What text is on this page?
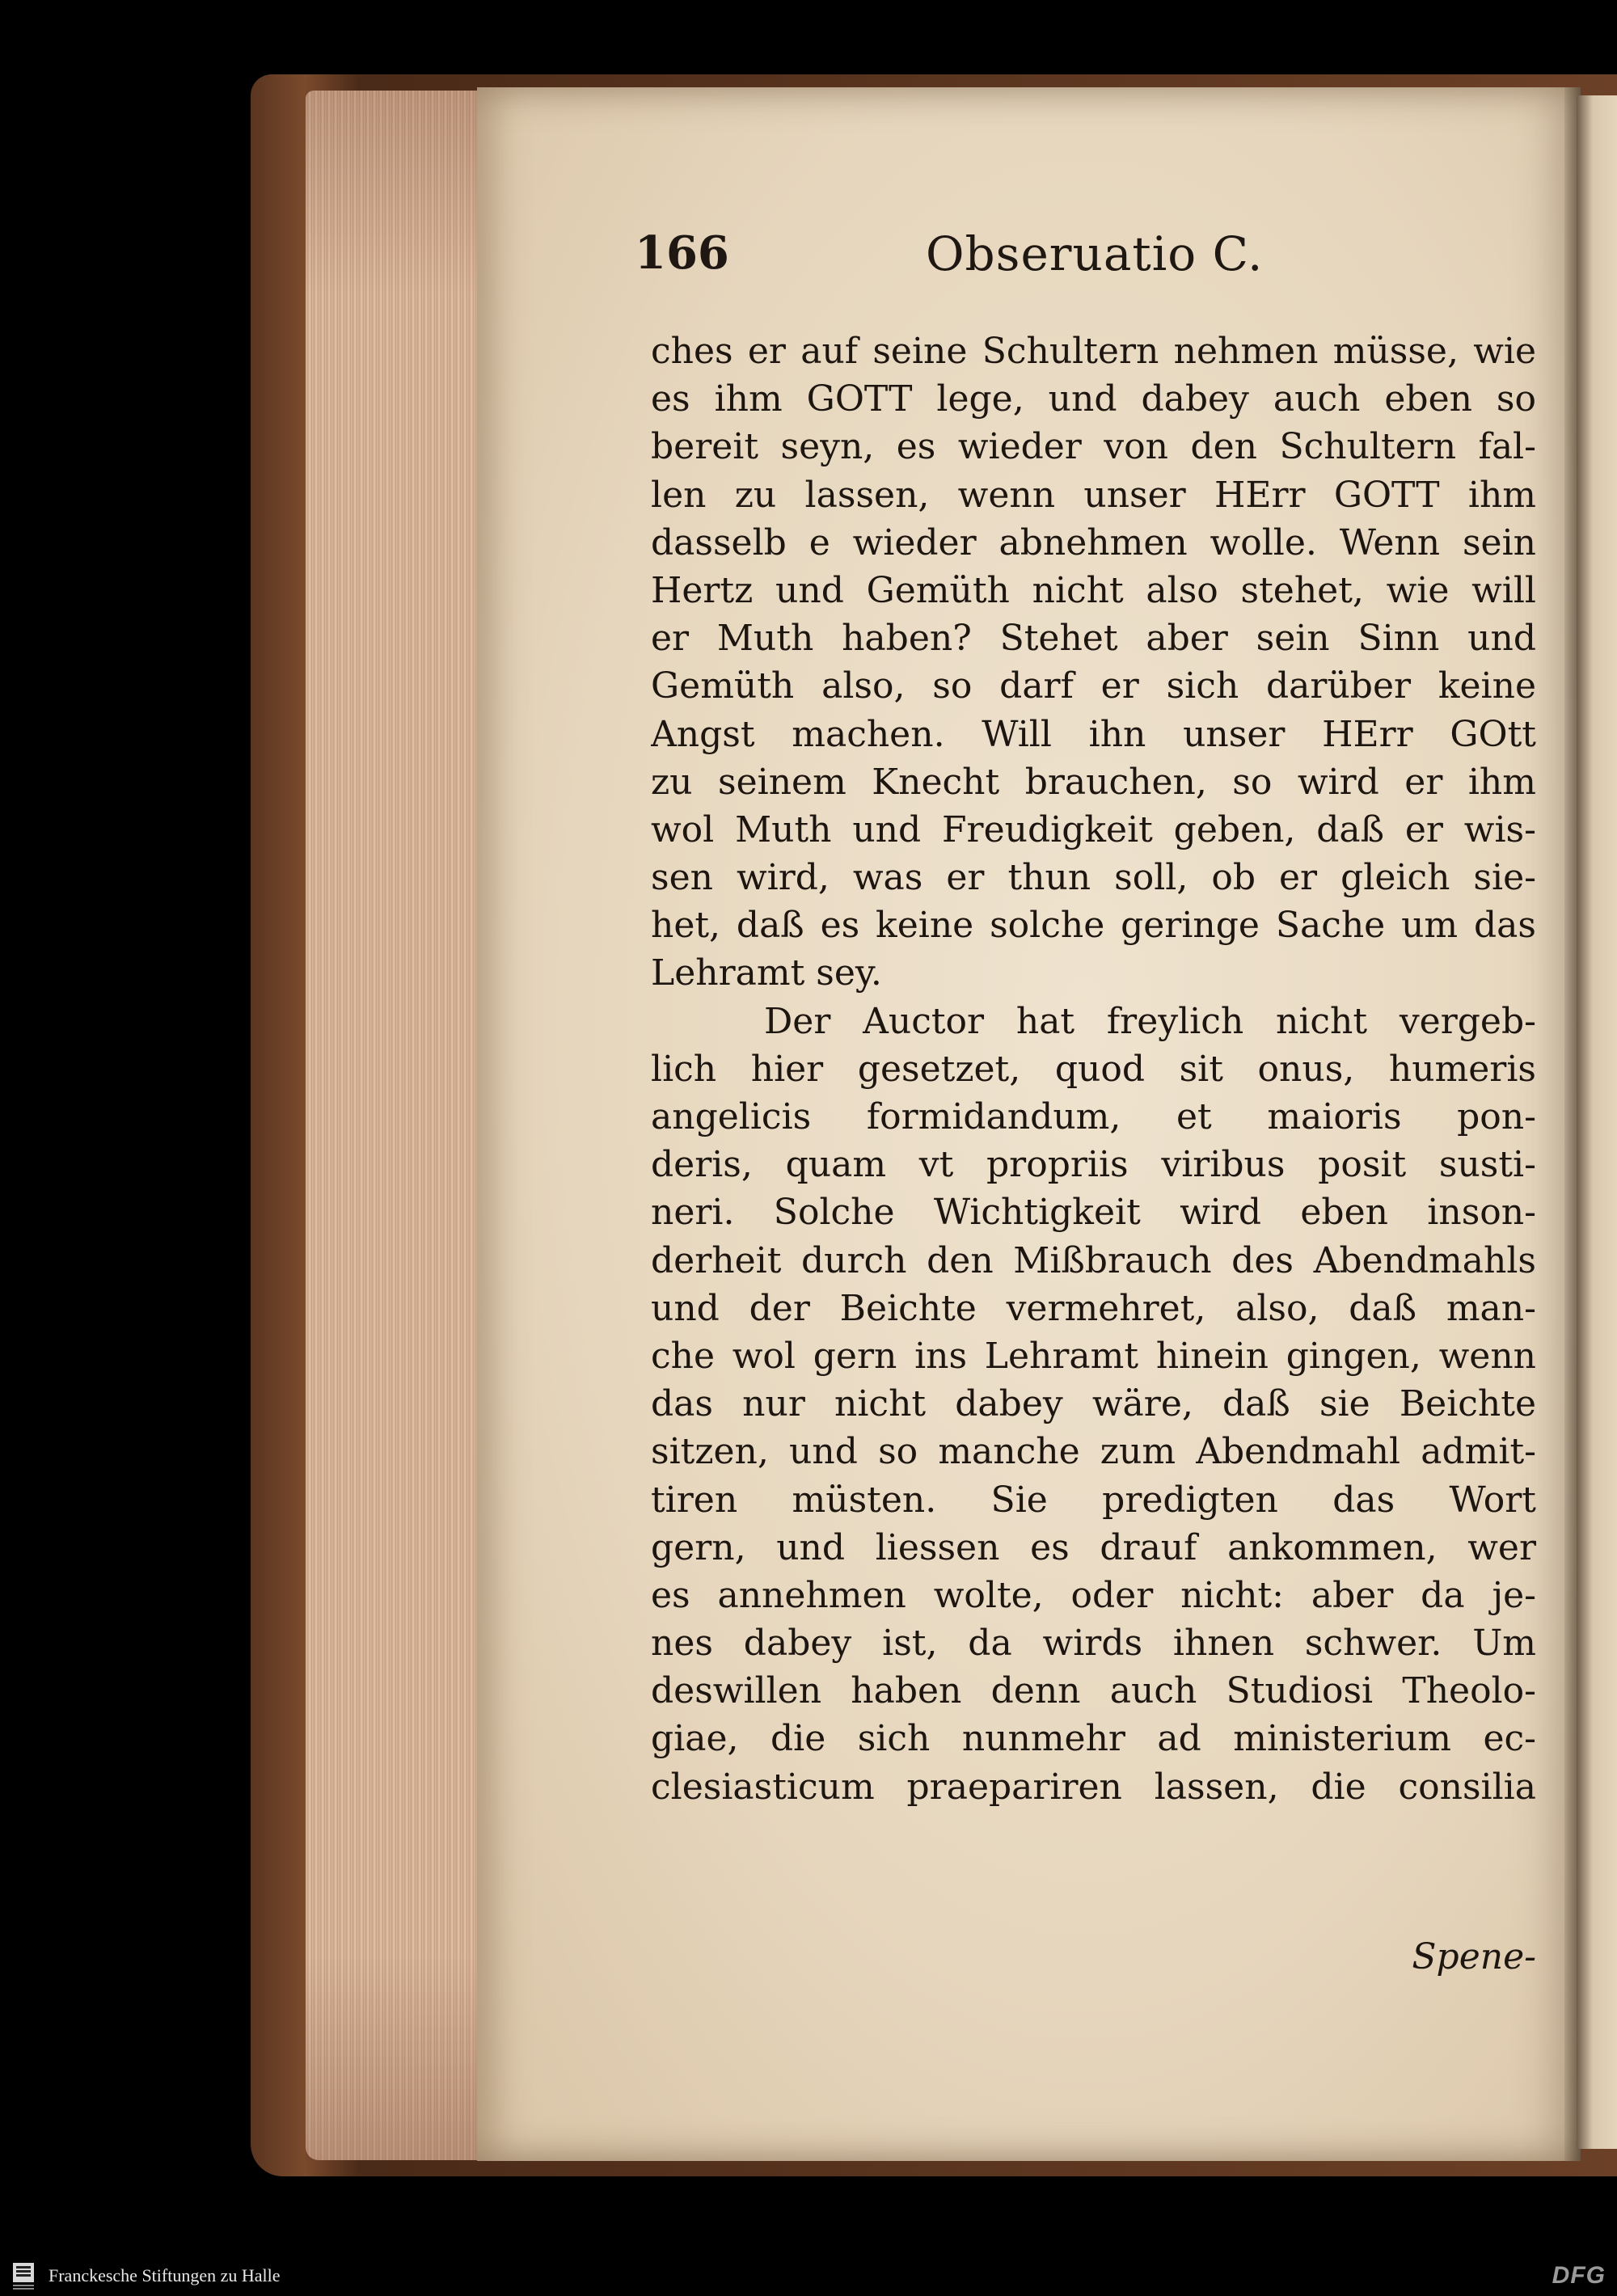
166	Obseruatio C.
ches er auf seine Schultern nehmen müsse, wie
es ihm GOTT lege, und dabey auch eben so
bereit seyn, es wieder von den Schultern fal-
len zu lassen, wenn unser HErr GOTT ihm
dasselb e wieder abnehmen wolle. Wenn sein
Hertz und Gemüth nicht also stehet, wie will
er Muth haben? Stehet aber sein Sinn und
Gemüth also, so darf er sich darüber keine
Angst machen. Will ihn unser HErr GOtt
zu seinem Knecht brauchen, so wird er ihm
wol Muth und Freudigkeit geben, daß er wis-
sen wird, was er thun soll, ob er gleich sie-
het, daß es keine solche geringe Sache um das
Lehramt sey.
Der Auctor hat freylich nicht vergeb-
lich hier gesetzet, quod sit onus, humeris
angelicis formidandum, et maioris pon-
deris, quam vt propriis viribus posit susti-
neri. Solche Wichtigkeit wird eben inson-
derheit durch den Mißbrauch des Abendmahls
und der Beichte vermehret, also, daß man-
che wol gern ins Lehramt hinein gingen, wenn
das nur nicht dabey wäre, daß sie Beichte
sitzen, und so manche zum Abendmahl admit-
tiren müsten. Sie predigten das Wort
gern, und liessen es drauf ankommen, wer
es annehmen wolte, oder nicht: aber da je-
nes dabey ist, da wirds ihnen schwer. Um
deswillen haben denn auch Studiosi Theolo-
giae, die sich nunmehr ad ministerium ec-
clesiasticum praepariren lassen, die consilia
Spene-
Franckesche Stiftungen zu Halle	DFG
